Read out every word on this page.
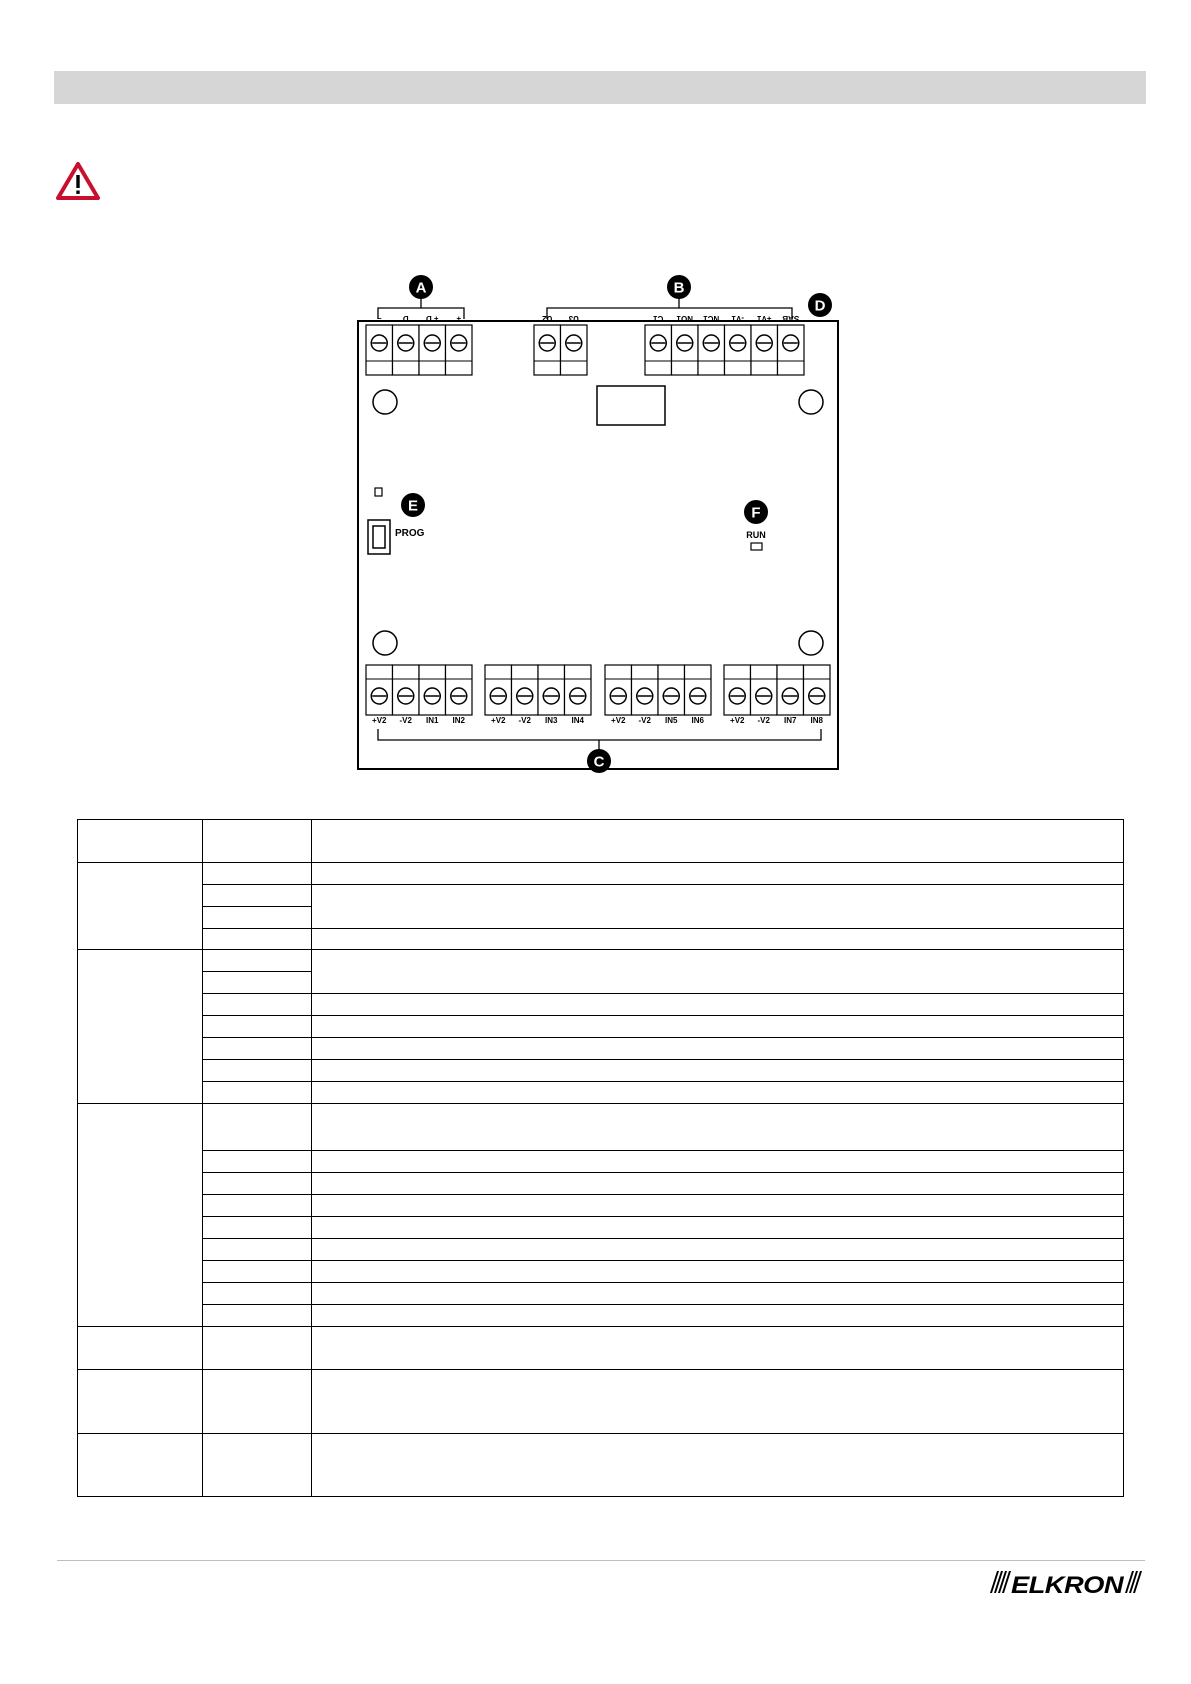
–	D + D +	U2 U3	C1 NO1 NC1 -V1 +V1 SAB
+V2 -V2 IN1 IN2	+V2 -V2 IN3 IN4	+V2 -V2 IN5 IN6	+V2 -V2 IN7 IN8
A	B
D
E	F
C
PROG	RUN

ELKRON
